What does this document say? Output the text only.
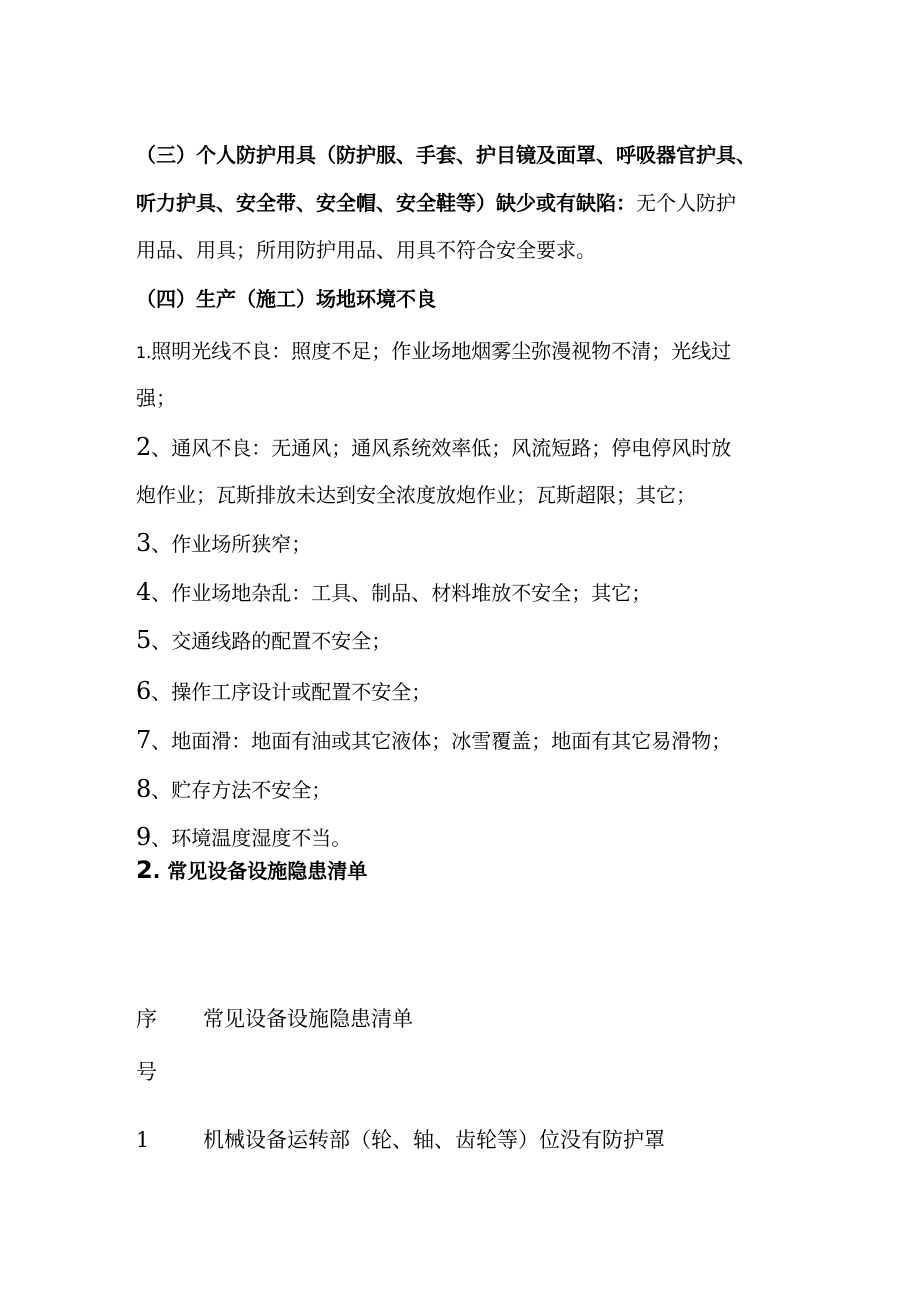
（三）个人防护用具（防护服、手套、护目镜及面罩、呼吸器官护具、
听力护具、安全带、安全帽、安全鞋等）缺少或有缺陷：无个人防护
用品、用具；所用防护用品、用具不符合安全要求。
（四）生产（施工）场地环境不良
1.照明光线不良：照度不足；作业场地烟雾尘弥漫视物不清；光线过
强；
2、通风不良：无通风；通风系统效率低；风流短路；停电停风时放
炮作业；瓦斯排放未达到安全浓度放炮作业；瓦斯超限；其它；
3、作业场所狭窄；
4、作业场地杂乱：工具、制品、材料堆放不安全；其它；
5、交通线路的配置不安全；
6、操作工序设计或配置不安全；
7、地面滑：地面有油或其它液体；冰雪覆盖；地面有其它易滑物；
8、贮存方法不安全；
9、环境温度湿度不当。
2. 常见设备设施隐患清单
序
号
常见设备设施隐患清单
1	机械设备运转部（轮、轴、齿轮等）位没有防护罩
